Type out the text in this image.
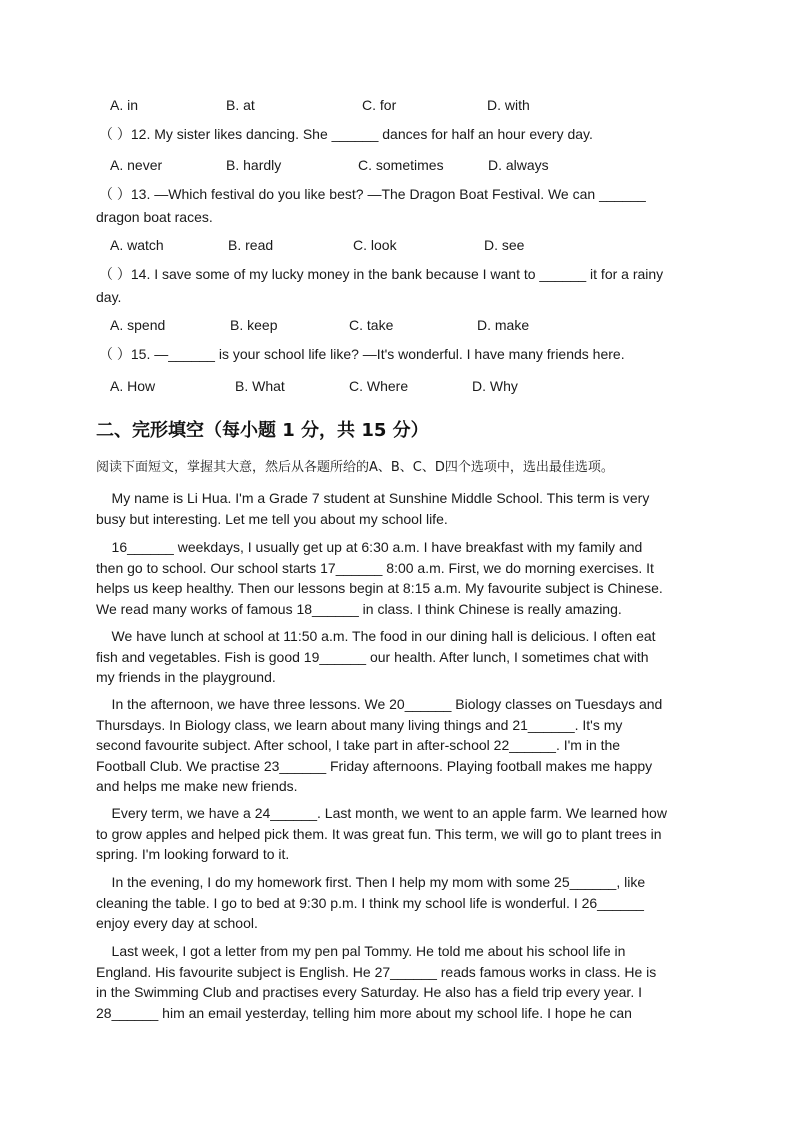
A. in	B. at	C. for	D. with
（ ）12. My sister likes dancing. She ______ dances for half an hour every day.
A. never	B. hardly	C. sometimes	D. always
（ ）13. —Which festival do you like best? —The Dragon Boat Festival. We can ______
dragon boat races.
A. watch	B. read	C. look	D. see
（ ）14. I save some of my lucky money in the bank because I want to ______ it for a rainy
day.
A. spend	B. keep	C. take	D. make
（ ）15. —______ is your school life like? —It's wonderful. I have many friends here.
A. How	B. What	C. Where	D. Why
二、完形填空（每小题 1 分，共 15 分）
阅读下面短文，掌握其大意，然后从各题所给的A、B、C、D四个选项中，选出最佳选项。
My name is Li Hua. I'm a Grade 7 student at Sunshine Middle School. This term is very
busy but interesting. Let me tell you about my school life.
16______ weekdays, I usually get up at 6:30 a.m. I have breakfast with my family and
then go to school. Our school starts 17______ 8:00 a.m. First, we do morning exercises. It
helps us keep healthy. Then our lessons begin at 8:15 a.m. My favourite subject is Chinese.
We read many works of famous 18______ in class. I think Chinese is really amazing.
We have lunch at school at 11:50 a.m. The food in our dining hall is delicious. I often eat
fish and vegetables. Fish is good 19______ our health. After lunch, I sometimes chat with
my friends in the playground.
In the afternoon, we have three lessons. We 20______ Biology classes on Tuesdays and
Thursdays. In Biology class, we learn about many living things and 21______. It's my
second favourite subject. After school, I take part in after-school 22______. I'm in the
Football Club. We practise 23______ Friday afternoons. Playing football makes me happy
and helps me make new friends.
Every term, we have a 24______. Last month, we went to an apple farm. We learned how
to grow apples and helped pick them. It was great fun. This term, we will go to plant trees in
spring. I'm looking forward to it.
In the evening, I do my homework first. Then I help my mom with some 25______, like
cleaning the table. I go to bed at 9:30 p.m. I think my school life is wonderful. I 26______
enjoy every day at school.
Last week, I got a letter from my pen pal Tommy. He told me about his school life in
England. His favourite subject is English. He 27______ reads famous works in class. He is
in the Swimming Club and practises every Saturday. He also has a field trip every year. I
28______ him an email yesterday, telling him more about my school life. I hope he can
